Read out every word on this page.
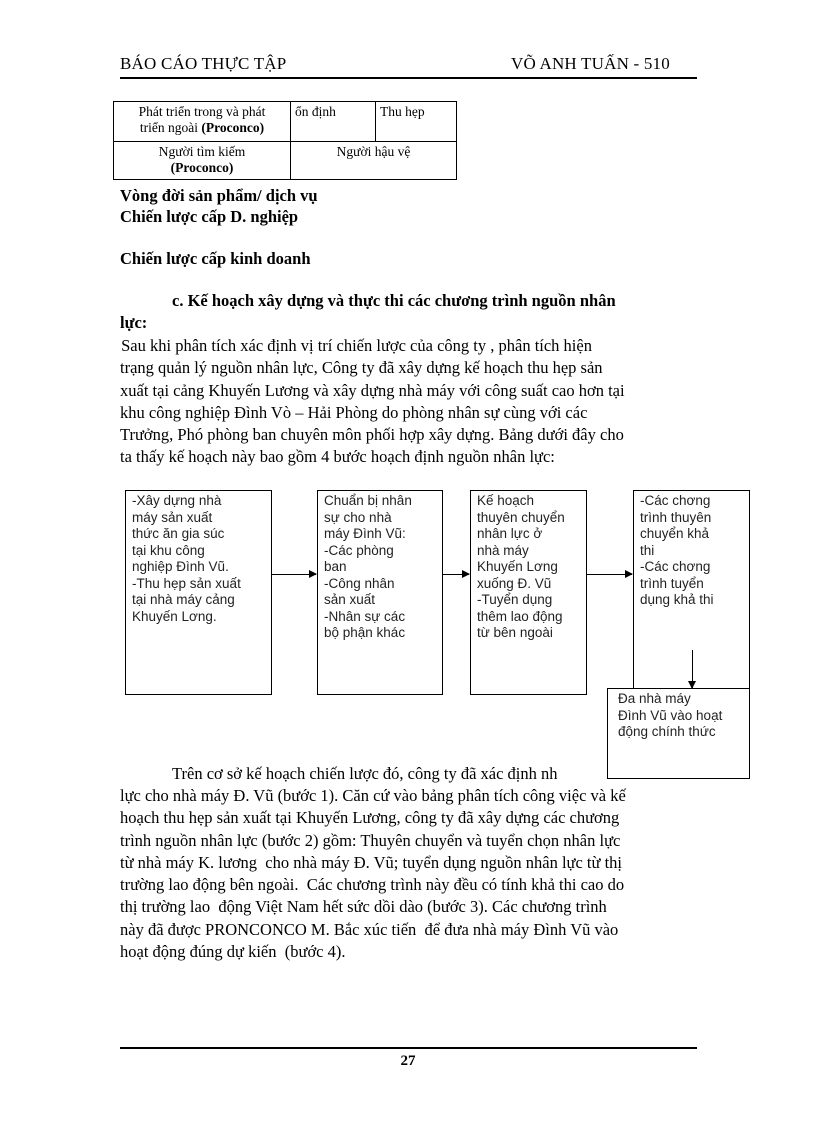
BÁO CÁO THỰC TẬP	VÕ ANH TUẤN - 510
Phát triển trong và phát
triển ngoài (Proconco)	ổn định	Thu hẹp
Người tìm kiếm
(Proconco)	Người hậu vệ	
Vòng đời sản phẩm/ dịch vụ
Chiến lược cấp D. nghiệp
Chiến lược cấp kinh doanh
c. Kế hoạch xây dựng và thực thi các chương trình nguồn nhân
lực:
Sau khi phân tích xác định vị trí chiến lược của công ty , phân tích hiện
trạng quản lý nguồn nhân lực, Công ty đã xây dựng kế hoạch thu hẹp sản
xuất tại cảng Khuyến Lương và xây dựng nhà máy với công suất cao hơn tại
khu công nghiệp Đình Vò – Hải Phòng do phòng nhân sự cùng với các
Trưởng, Phó phòng ban chuyên môn phối hợp xây dựng. Bảng dưới đây cho
ta thấy kế hoạch này bao gồm 4 bước hoạch định nguồn nhân lực:
-Xây dựng nhà
máy sản xuất
thức ăn gia súc
tại khu công
nghiệp Đình Vũ.
-Thu hẹp sản xuất
tại nhà máy cảng
Khuyến Lơng.
Chuẩn bị nhân
sự cho nhà
máy Đình Vũ:
-Các phòng
ban
-Công nhân
sản xuất
-Nhân sự các
bộ phận khác
Kế hoạch
thuyên chuyển
nhân lực ở
nhà máy
Khuyến Lơng
xuống Đ. Vũ
-Tuyển dụng
thêm lao động
từ bên ngoài
-Các chơng
trình thuyên
chuyển khả
thi
-Các chơng
trình tuyển
dụng khả thi
Đa nhà máy
Đình Vũ vào hoạt
động chính thức
Trên cơ sở kế hoạch chiến lược đó, công ty đã xác định nh
lực cho nhà máy Đ. Vũ (bước 1). Căn cứ vào bảng phân tích công việc và kế
hoạch thu hẹp sản xuất tại Khuyến Lương, công ty đã xây dựng các chương
trình nguồn nhân lực (bước 2) gồm: Thuyên chuyển và tuyển chọn nhân lực
từ nhà máy K. lương  cho nhà máy Đ. Vũ; tuyển dụng nguồn nhân lực từ thị
trường lao động bên ngoài.  Các chương trình này đều có tính khả thi cao do
thị trường lao  động Việt Nam hết sức dồi dào (bước 3). Các chương trình
này đã được PRONCONCO M. Bắc xúc tiến  để đưa nhà máy Đình Vũ vào
hoạt động đúng dự kiến  (bước 4).
27
